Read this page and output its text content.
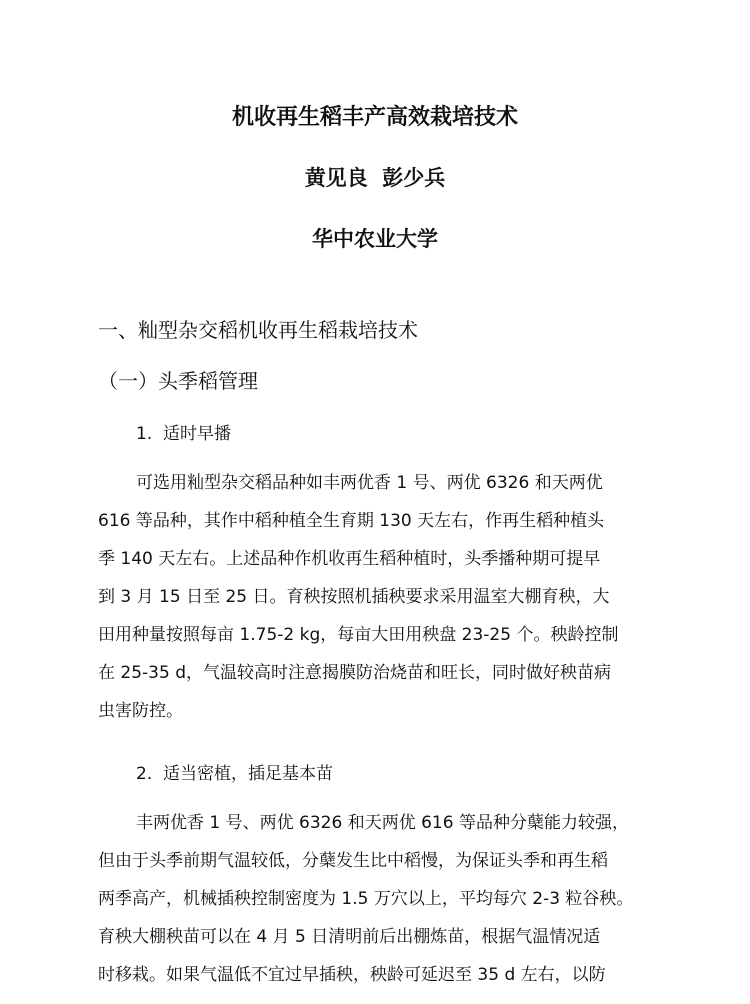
机收再生稻丰产高效栽培技术
黄见良  彭少兵
华中农业大学
一、籼型杂交稻机收再生稻栽培技术
（一）头季稻管理
1.  适时早播
可选用籼型杂交稻品种如丰两优香 1 号、两优 6326 和天两优
616 等品种，其作中稻种植全生育期 130 天左右，作再生稻种植头
季 140 天左右。上述品种作机收再生稻种植时，头季播种期可提早
到 3 月 15 日至 25 日。育秧按照机插秧要求采用温室大棚育秧，大
田用种量按照每亩 1.75-2 kg，每亩大田用秧盘 23-25 个。秧龄控制
在 25-35 d，气温较高时注意揭膜防治烧苗和旺长，同时做好秧苗病
虫害防控。
2.  适当密植，插足基本苗
丰两优香 1 号、两优 6326 和天两优 616 等品种分蘖能力较强，
但由于头季前期气温较低，分蘖发生比中稻慢，为保证头季和再生稻
两季高产，机械插秧控制密度为 1.5 万穴以上，平均每穴 2-3 粒谷秧。
育秧大棚秧苗可以在 4 月 5 日清明前后出棚炼苗，根据气温情况适
时移栽。如果气温低不宜过早插秧，秧龄可延迟至 35 d 左右，以防
